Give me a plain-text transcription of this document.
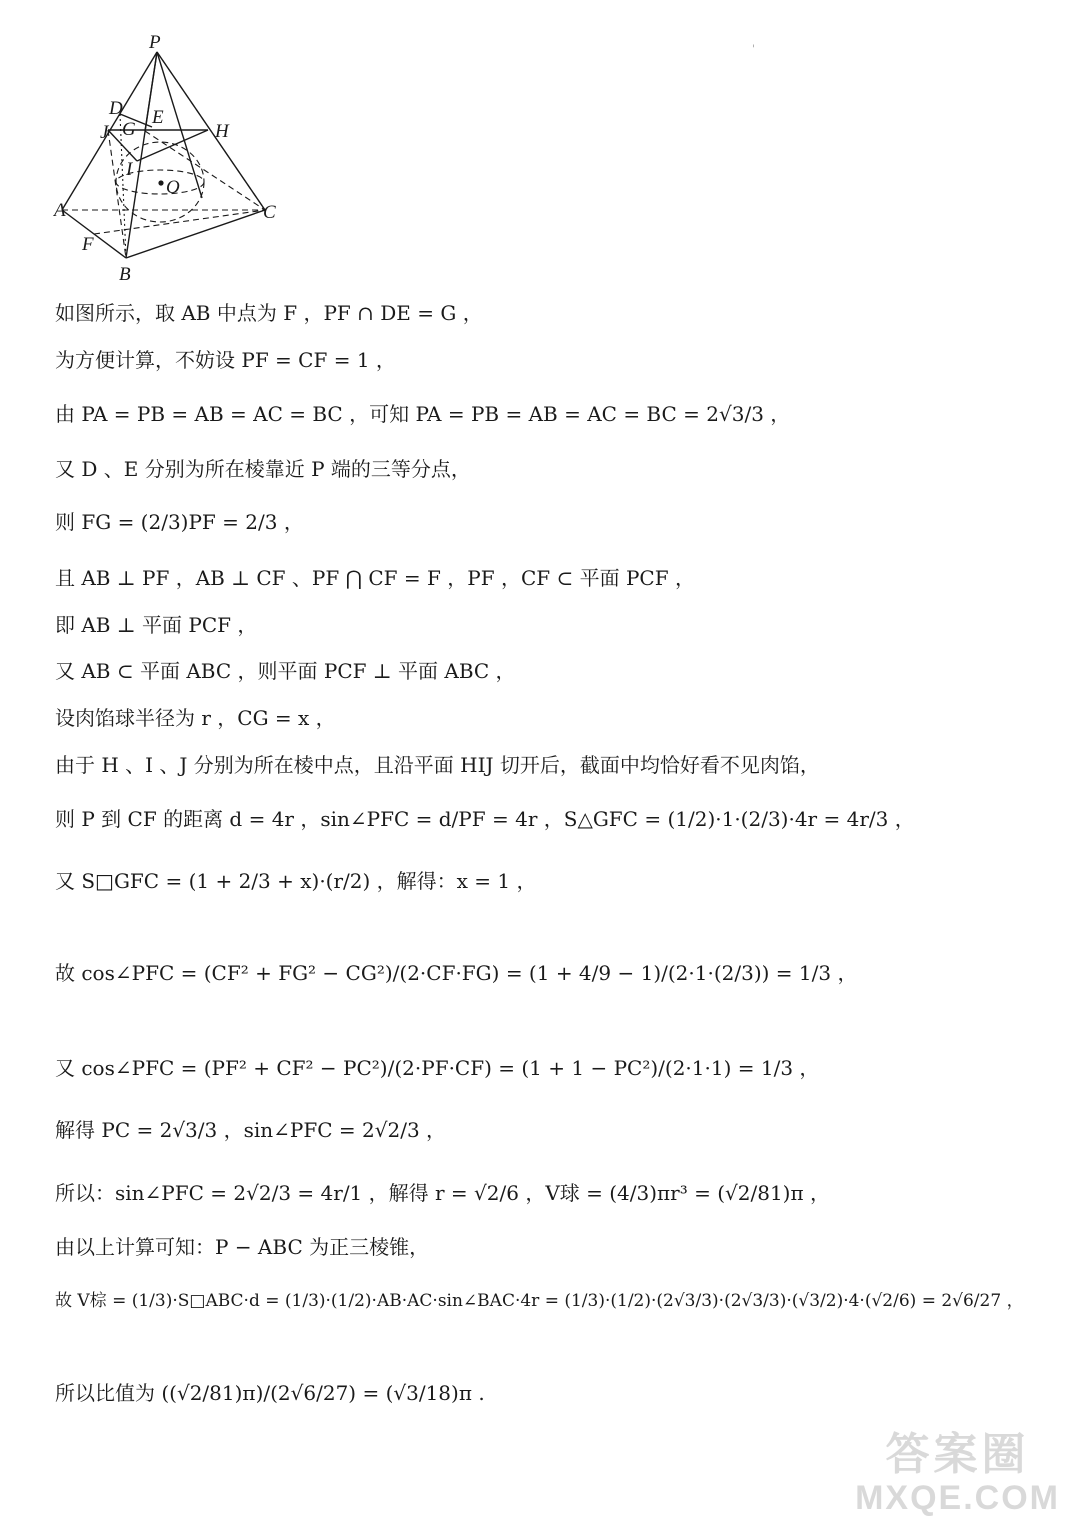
P
D
J G
E
H
I
O
A
F
B
C
'
如图所示，取 AB 中点为 F ，PF ∩ DE = G ，
为方便计算，不妨设 PF = CF = 1 ，
由 PA = PB = AB = AC = BC ，可知 PA = PB = AB = AC = BC = 2√3/3 ，
又 D 、E 分别为所在棱靠近 P 端的三等分点，
则 FG = (2/3)PF = 2/3 ，
且 AB ⊥ PF ，AB ⊥ CF 、PF ⋂ CF = F ，PF ，CF ⊂ 平面 PCF ，
即 AB ⊥ 平面 PCF ，
又 AB ⊂ 平面 ABC ，则平面 PCF ⊥ 平面 ABC ，
设肉馅球半径为 r ，CG = x ，
由于 H 、I 、J 分别为所在棱中点，且沿平面 HIJ 切开后，截面中均恰好看不见肉馅，
则 P 到 CF 的距离 d = 4r ，sin∠PFC = d/PF = 4r ，S△GFC = (1/2)·1·(2/3)·4r = 4r/3 ，
又 S□GFC = (1 + 2/3 + x)·(r/2) ，解得：x = 1 ，
故 cos∠PFC = (CF² + FG² − CG²)/(2·CF·FG) = (1 + 4/9 − 1)/(2·1·(2/3)) = 1/3 ，
又 cos∠PFC = (PF² + CF² − PC²)/(2·PF·CF) = (1 + 1 − PC²)/(2·1·1) = 1/3 ，
解得 PC = 2√3/3 ，sin∠PFC = 2√2/3 ，
所以：sin∠PFC = 2√2/3 = 4r/1 ，解得 r = √2/6 ，V球 = (4/3)πr³ = (√2/81)π ，
由以上计算可知：P − ABC 为正三棱锥，
故 V棕 = (1/3)·S□ABC·d = (1/3)·(1/2)·AB·AC·sin∠BAC·4r = (1/3)·(1/2)·(2√3/3)·(2√3/3)·(√3/2)·4·(√2/6) = 2√6/27 ，
所以比值为 ((√2/81)π)/(2√6/27) = (√3/18)π .
答案圈
MXQE.COM
